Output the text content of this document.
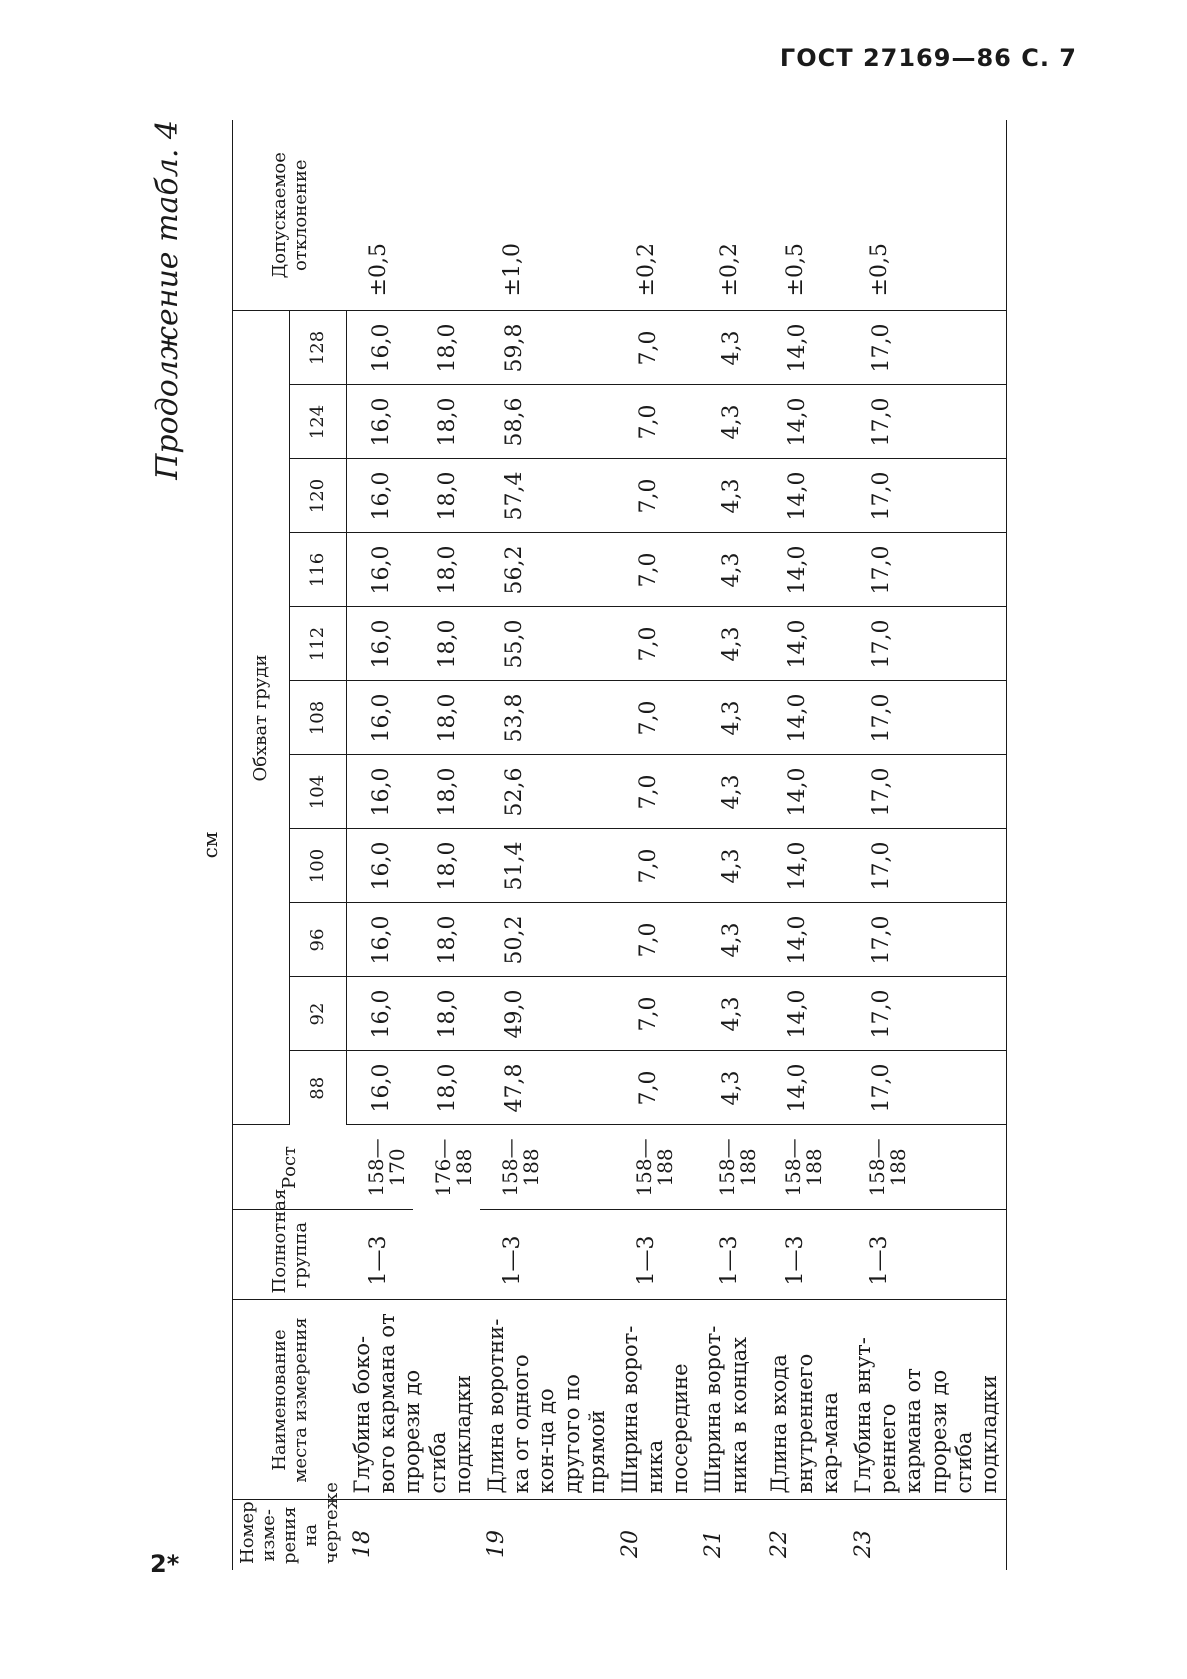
ГОСТ 27169—86 С. 7
Продолжение табл. 4
см
Номер изме-рения на чертеже	Наименование места измерения	Полнотная группа	Рост	Обхват груди											Допускаемое отклонение
				88	92	96	100	104	108	112	116	120	124	128	
18	Глубина боко-вого кармана от прорези до сгиба подкладки	1—3	158—170	16,0	16,0	16,0	16,0	16,0	16,0	16,0	16,0	16,0	16,0	16,0	±0,5
			176—188	18,0	18,0	18,0	18,0	18,0	18,0	18,0	18,0	18,0	18,0	18,0	
19	Длина воротни-ка от одного кон-ца до другого по прямой	1—3	158—188	47,8	49,0	50,2	51,4	52,6	53,8	55,0	56,2	57,4	58,6	59,8	±1,0
20	Ширина ворот-ника посередине	1—3	158—188	7,0	7,0	7,0	7,0	7,0	7,0	7,0	7,0	7,0	7,0	7,0	±0,2
21	Ширина ворот-ника в концах	1—3	158—188	4,3	4,3	4,3	4,3	4,3	4,3	4,3	4,3	4,3	4,3	4,3	±0,2
22	Длина входа внутреннего кар-мана	1—3	158—188	14,0	14,0	14,0	14,0	14,0	14,0	14,0	14,0	14,0	14,0	14,0	±0,5
23	Глубина внут-реннего кармана от прорези до сгиба подкладки	1—3	158—188	17,0	17,0	17,0	17,0	17,0	17,0	17,0	17,0	17,0	17,0	17,0	±0,5
2*
